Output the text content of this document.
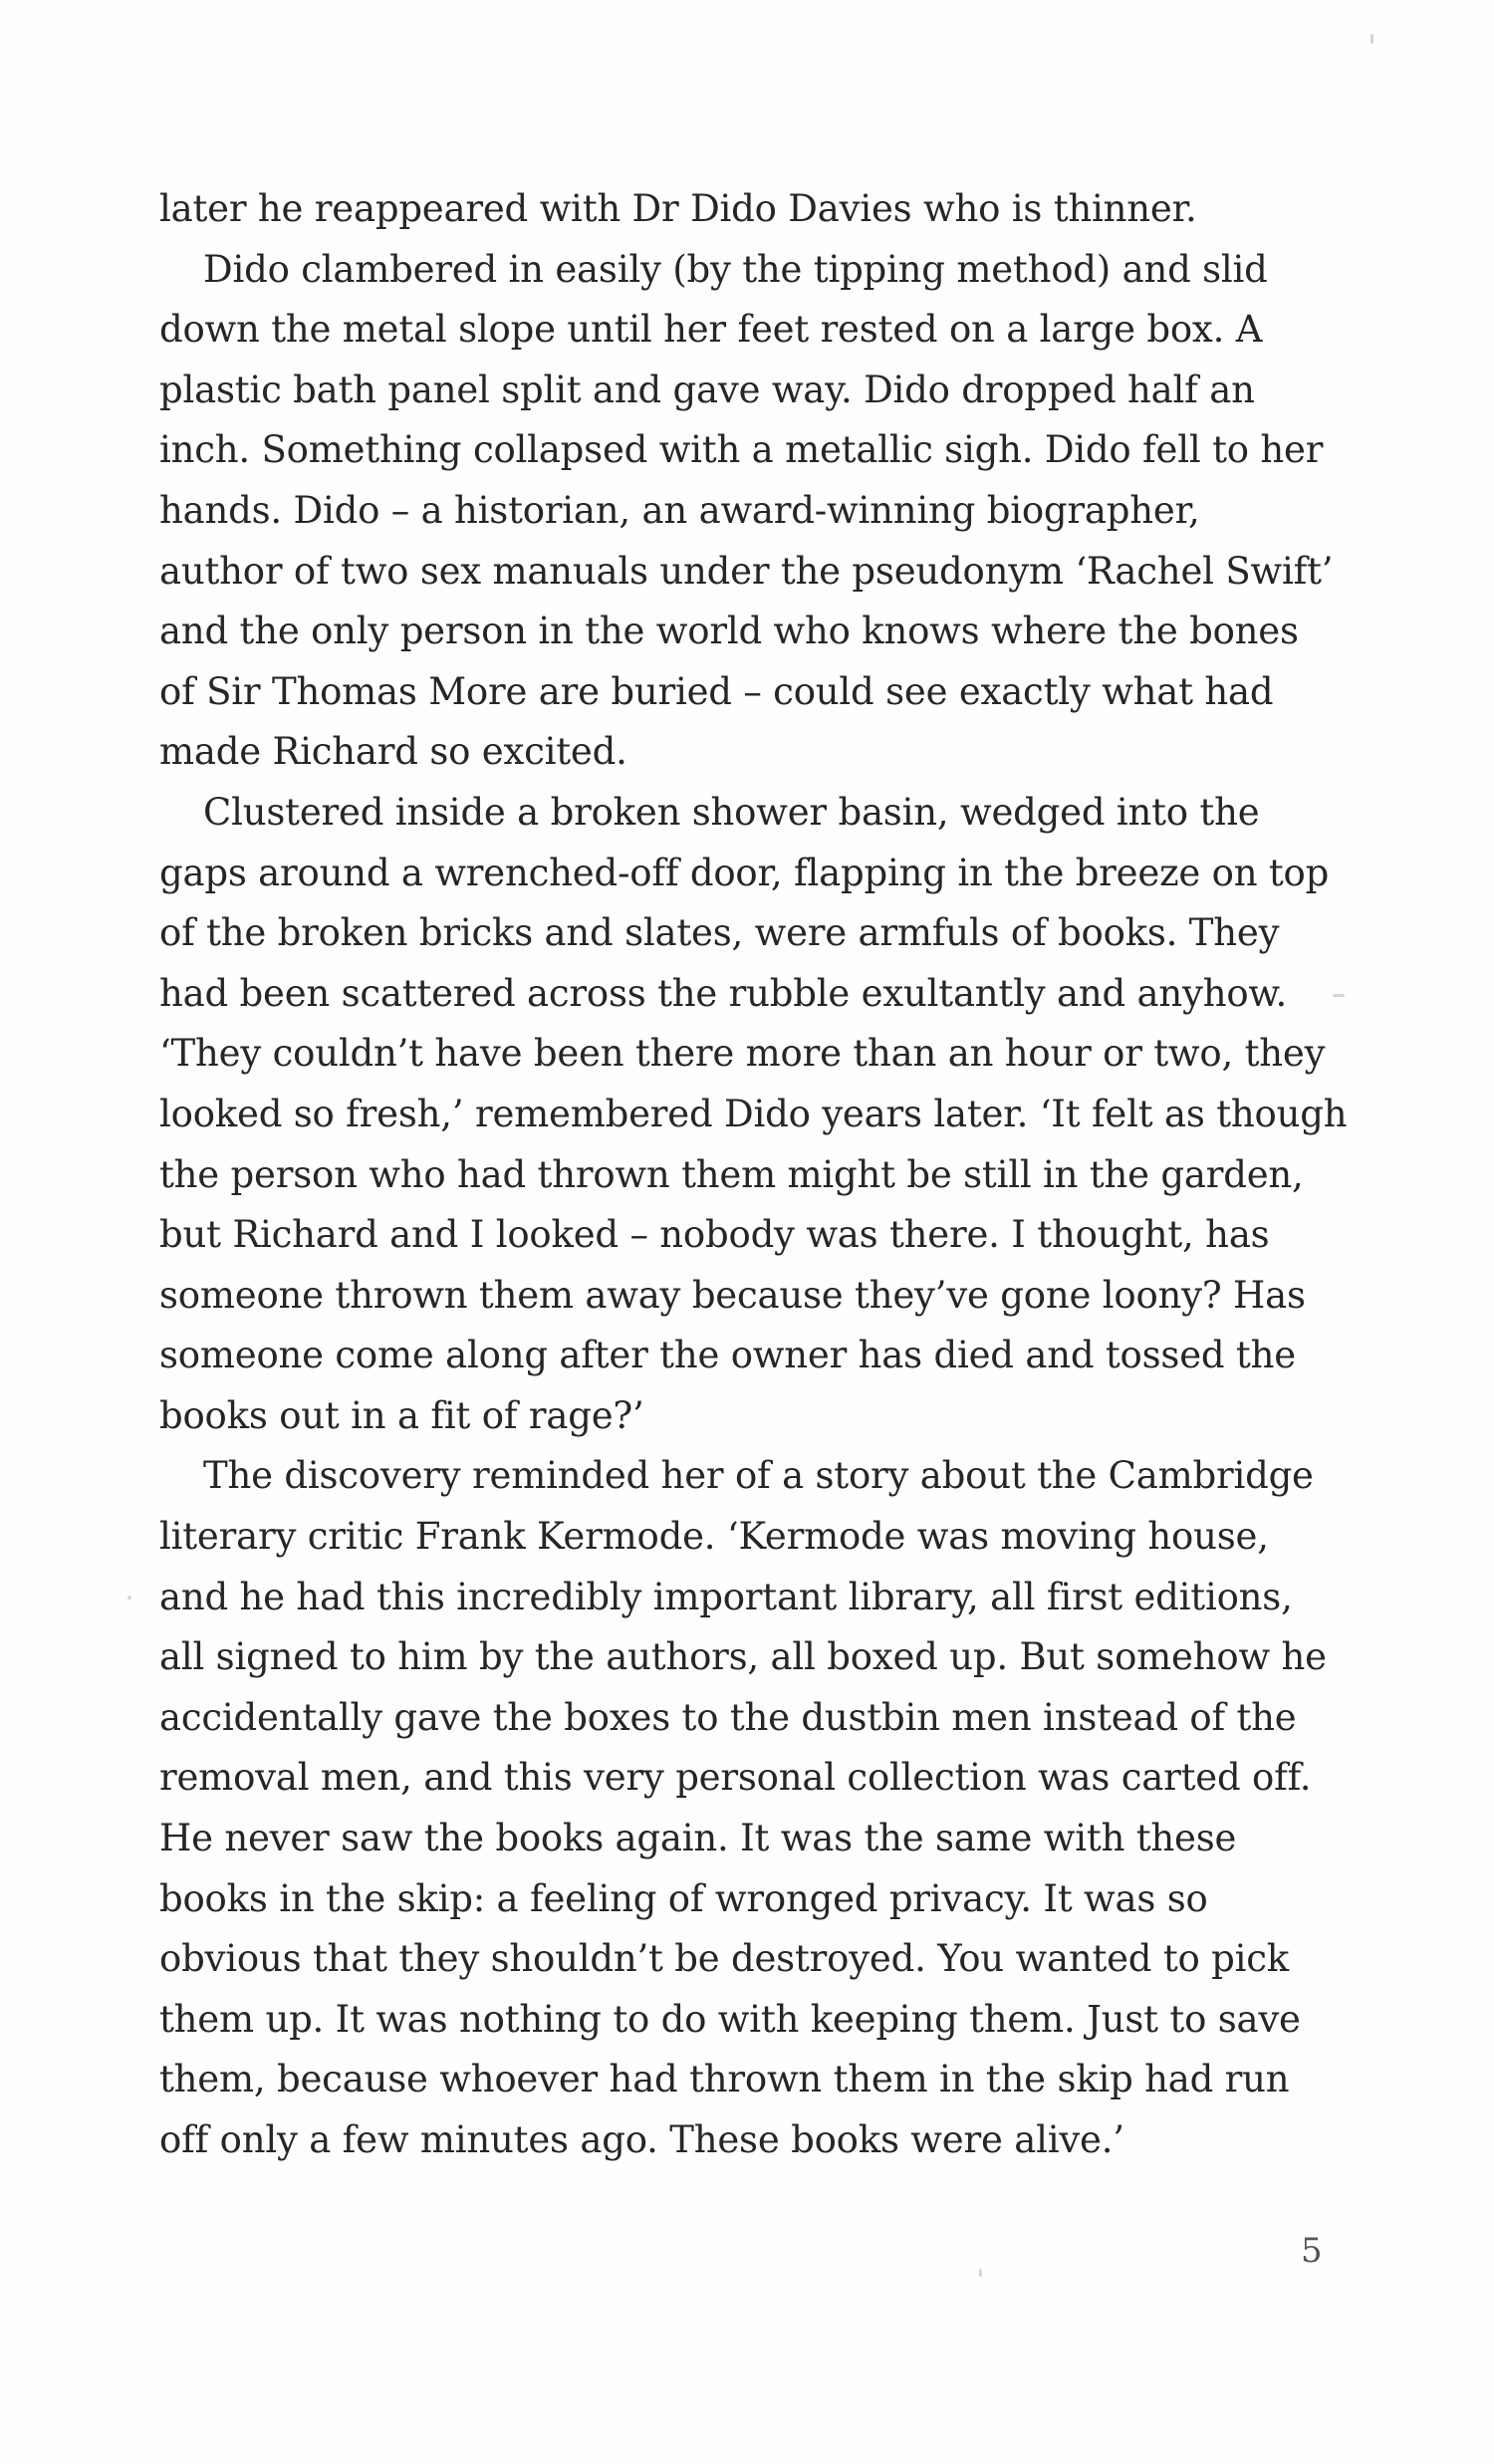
later he reappeared with Dr Dido Davies who is thinner.
Dido clambered in easily (by the tipping method) and slid
down the metal slope until her feet rested on a large box. A
plastic bath panel split and gave way. Dido dropped half an
inch. Something collapsed with a metallic sigh. Dido fell to her
hands. Dido – a historian, an award-winning biographer,
author of two sex manuals under the pseudonym ‘Rachel Swift’
and the only person in the world who knows where the bones
of Sir Thomas More are buried – could see exactly what had
made Richard so excited.
Clustered inside a broken shower basin, wedged into the
gaps around a wrenched-off door, flapping in the breeze on top
of the broken bricks and slates, were armfuls of books. They
had been scattered across the rubble exultantly and anyhow.
‘They couldn’t have been there more than an hour or two, they
looked so fresh,’ remembered Dido years later. ‘It felt as though
the person who had thrown them might be still in the garden,
but Richard and I looked – nobody was there. I thought, has
someone thrown them away because they’ve gone loony? Has
someone come along after the owner has died and tossed the
books out in a fit of rage?’
The discovery reminded her of a story about the Cambridge
literary critic Frank Kermode. ‘Kermode was moving house,
and he had this incredibly important library, all first editions,
all signed to him by the authors, all boxed up. But somehow he
accidentally gave the boxes to the dustbin men instead of the
removal men, and this very personal collection was carted off.
He never saw the books again. It was the same with these
books in the skip: a feeling of wronged privacy. It was so
obvious that they shouldn’t be destroyed. You wanted to pick
them up. It was nothing to do with keeping them. Just to save
them, because whoever had thrown them in the skip had run
off only a few minutes ago. These books were alive.’
5
